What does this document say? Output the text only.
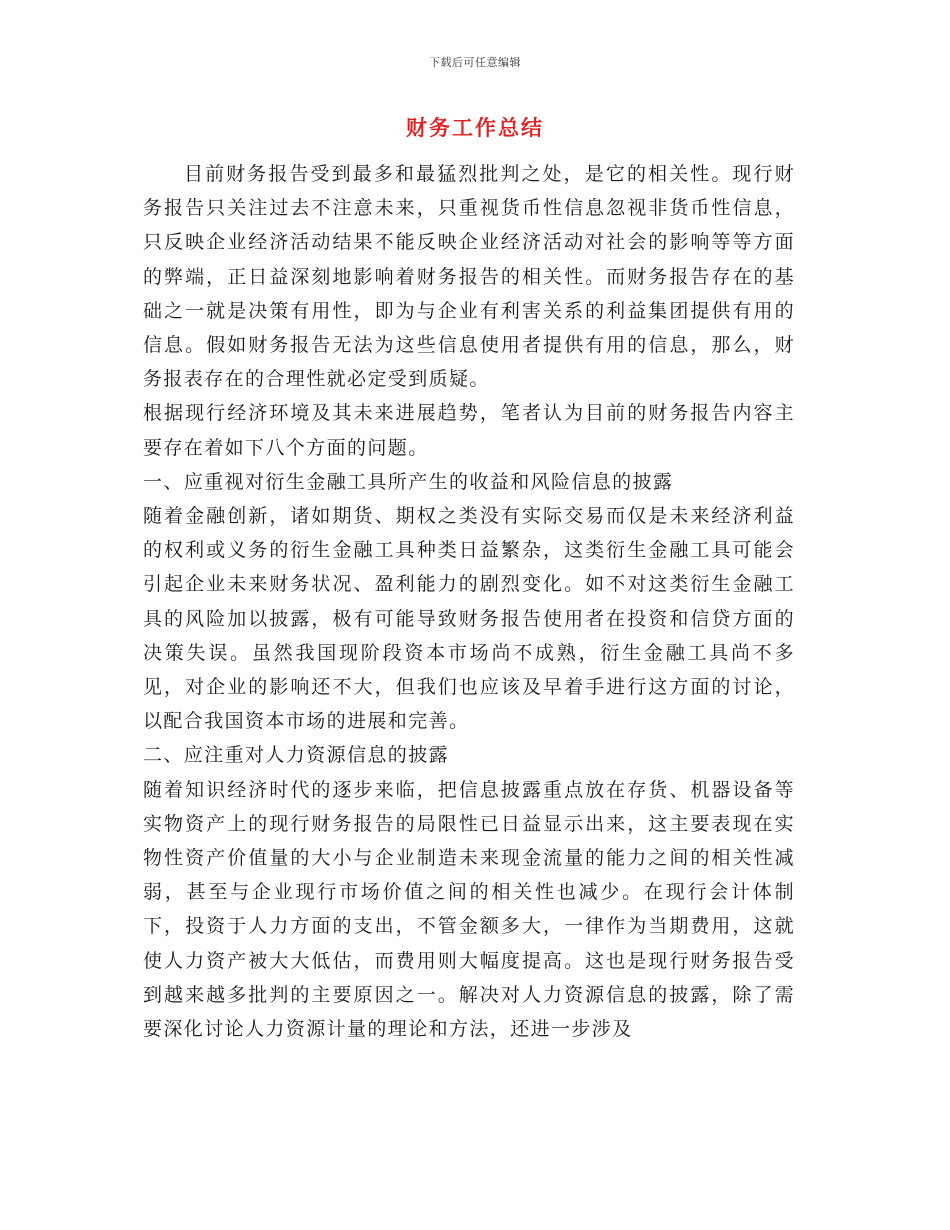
下载后可任意编辑
财务工作总结

目前财务报告受到最多和最猛烈批判之处，是它的相关性。现行财务报告只关注过去不注意未来，只重视货币性信息忽视非货币性信息，只反映企业经济活动结果不能反映企业经济活动对社会的影响等等方面的弊端，正日益深刻地影响着财务报告的相关性。而财务报告存在的基础之一就是决策有用性，即为与企业有利害关系的利益集团提供有用的信息。假如财务报告无法为这些信息使用者提供有用的信息，那么，财务报表存在的合理性就必定受到质疑。

根据现行经济环境及其未来进展趋势，笔者认为目前的财务报告内容主要存在着如下八个方面的问题。

一、应重视对衍生金融工具所产生的收益和风险信息的披露

随着金融创新，诸如期货、期权之类没有实际交易而仅是未来经济利益的权利或义务的衍生金融工具种类日益繁杂，这类衍生金融工具可能会引起企业未来财务状况、盈利能力的剧烈变化。如不对这类衍生金融工具的风险加以披露，极有可能导致财务报告使用者在投资和信贷方面的决策失误。虽然我国现阶段资本市场尚不成熟，衍生金融工具尚不多见，对企业的影响还不大，但我们也应该及早着手进行这方面的讨论，以配合我国资本市场的进展和完善。

二、应注重对人力资源信息的披露

随着知识经济时代的逐步来临，把信息披露重点放在存货、机器设备等实物资产上的现行财务报告的局限性已日益显示出来，这主要表现在实物性资产价值量的大小与企业制造未来现金流量的能力之间的相关性减弱，甚至与企业现行市场价值之间的相关性也减少。在现行会计体制下，投资于人力方面的支出，不管金额多大，一律作为当期费用，这就使人力资产被大大低估，而费用则大幅度提高。这也是现行财务报告受到越来越多批判的主要原因之一。解决对人力资源信息的披露，除了需要深化讨论人力资源计量的理论和方法，还进一步涉及
